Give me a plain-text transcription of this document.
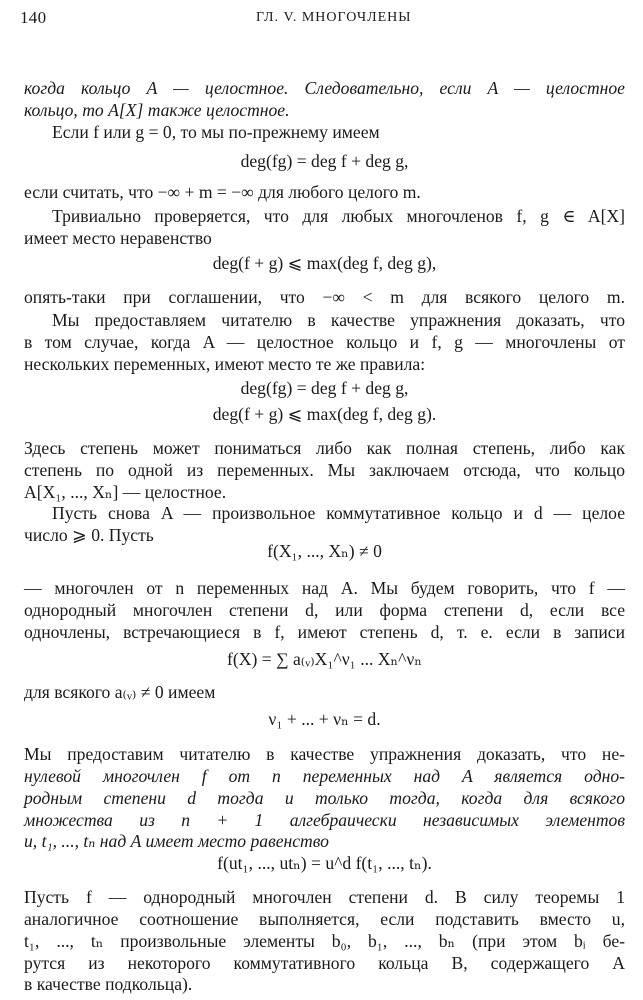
140	ГЛ. V. МНОГОЧЛЕНЫ
когда кольцо A — целостное. Следовательно, если A — целостное
кольцо, то A[X] также целостное.
Если f или g = 0, то мы по-прежнему имеем
deg(fg) = deg f + deg g,
если считать, что −∞ + m = −∞ для любого целого m.
Тривиально проверяется, что для любых многочленов f, g ∈ A[X]
имеет место неравенство
deg(f + g) ⩽ max(deg f, deg g),
опять-таки при соглашении, что −∞ < m для всякого целого m.
Мы предоставляем читателю в качестве упражнения доказать, что
в том случае, когда A — целостное кольцо и f, g — многочлены от
нескольких переменных, имеют место те же правила:
deg(fg) = deg f + deg g,
deg(f + g) ⩽ max(deg f, deg g).
Здесь степень может пониматься либо как полная степень, либо как
степень по одной из переменных. Мы заключаем отсюда, что кольцо
A[X₁, ..., Xₙ] — целостное.
Пусть снова A — произвольное коммутативное кольцо и d — целое
число ⩾ 0. Пусть
f(X₁, ..., Xₙ) ≠ 0
— многочлен от n переменных над A. Мы будем говорить, что f —
однородный многочлен степени d, или форма степени d, если все
одночлены, встречающиеся в f, имеют степень d, т. е. если в записи
f(X) = ∑ a₍ᵥ₎X₁^ν₁ ... Xₙ^νₙ
для всякого a₍ᵥ₎ ≠ 0 имеем
ν₁ + ... + νₙ = d.
Мы предоставим читателю в качестве упражнения доказать, что не-
нулевой многочлен f от n переменных над A является одно-
родным степени d тогда и только тогда, когда для всякого
множества из n + 1 алгебраически независимых элементов
u, t₁, ..., tₙ над A имеет место равенство
f(ut₁, ..., utₙ) = u^d f(t₁, ..., tₙ).
Пусть f — однородный многочлен степени d. В силу теоремы 1
аналогичное соотношение выполняется, если подставить вместо u,
t₁, ..., tₙ произвольные элементы b₀, b₁, ..., bₙ (при этом bᵢ бе-
рутся из некоторого коммутативного кольца B, содержащего A
в качестве подкольца).
